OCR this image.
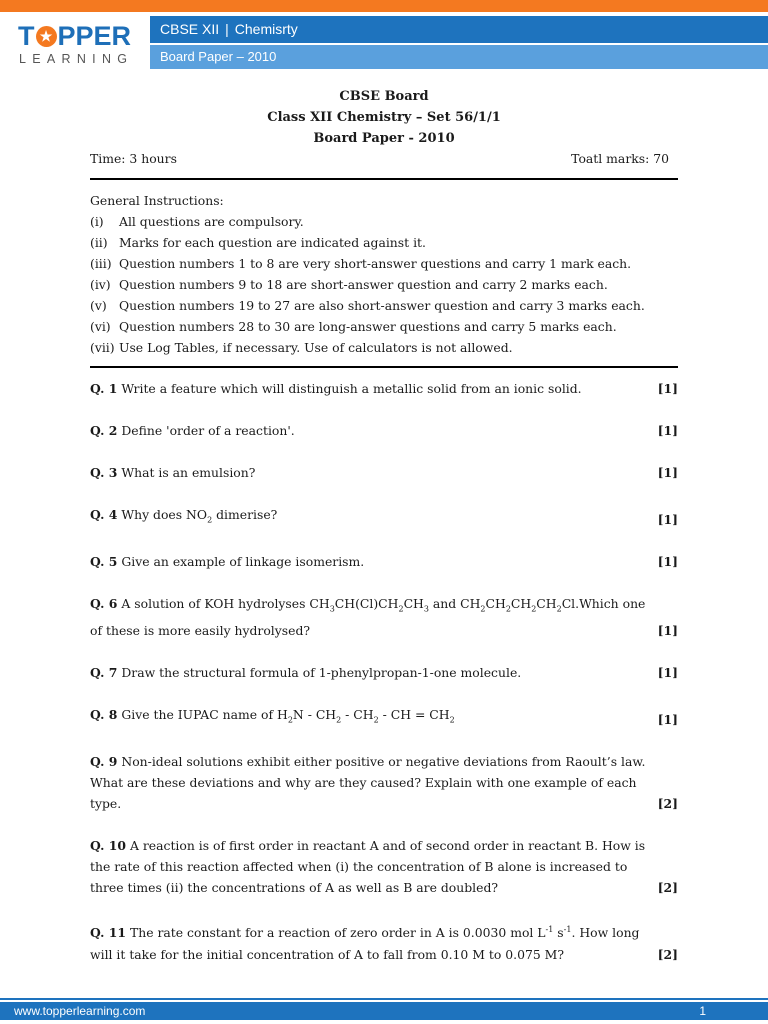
T ★ PPER
LEARNING
CBSE XII | Chemisrty
Board Paper – 2010
CBSE Board
Class XII Chemistry – Set 56/1/1
Board Paper - 2010
Time: 3 hours	Toatl marks: 70
General Instructions:
(i)	All questions are compulsory.
(ii) Marks for each question are indicated against it.
(iii) Question numbers 1 to 8 are very short-answer questions and carry 1 mark each.
(iv) Question numbers 9 to 18 are short-answer question and carry 2 marks each.
(v) Question numbers 19 to 27 are also short-answer question and carry 3 marks each.
(vi) Question numbers 28 to 30 are long-answer questions and carry 5 marks each.
(vii) Use Log Tables, if necessary. Use of calculators is not allowed.
Q. 1 Write a feature which will distinguish a metallic solid from an ionic solid.	[1]
Q. 2 Define 'order of a reaction'.	[1]
Q. 3 What is an emulsion?	[1]
Q. 4 Why does $NO_2$ dimerise?	[1]
Q. 5 Give an example of linkage isomerism.	[1]
Q. 6 A solution of KOH hydrolyses $CH_3CH(Cl)CH_2CH_3$ and $CH_2CH_2CH_2CH_2Cl.Which$ one of these is more easily hydrolysed?	[1]
Q. 7 Draw the structural formula of 1-phenylpropan-1-one molecule.	[1]
Q. 8 Give the IUPAC name of $H_2N - CH_2 - CH_2$ - CH = $CH_2$	[1]
Q. 9 Non-ideal solutions exhibit either positive or negative deviations from Raoult’s law. What are these deviations and why are they caused? Explain with one example of each type.	[2]
Q. 10 A reaction is of first order in reactant A and of second order in reactant B. How is the rate of this reaction affected when (i) the concentration of B alone is increased to three times (ii) the concentrations of A as well as B are doubled?	[2]
Q. 11 The rate constant for a reaction of zero order in A is 0.0030 mol $L^{-1}$ $s^{-1}$. How long will it take for the initial concentration of A to fall from 0.10 M to 0.075 M?	[2]
www.topperlearning.com	1
